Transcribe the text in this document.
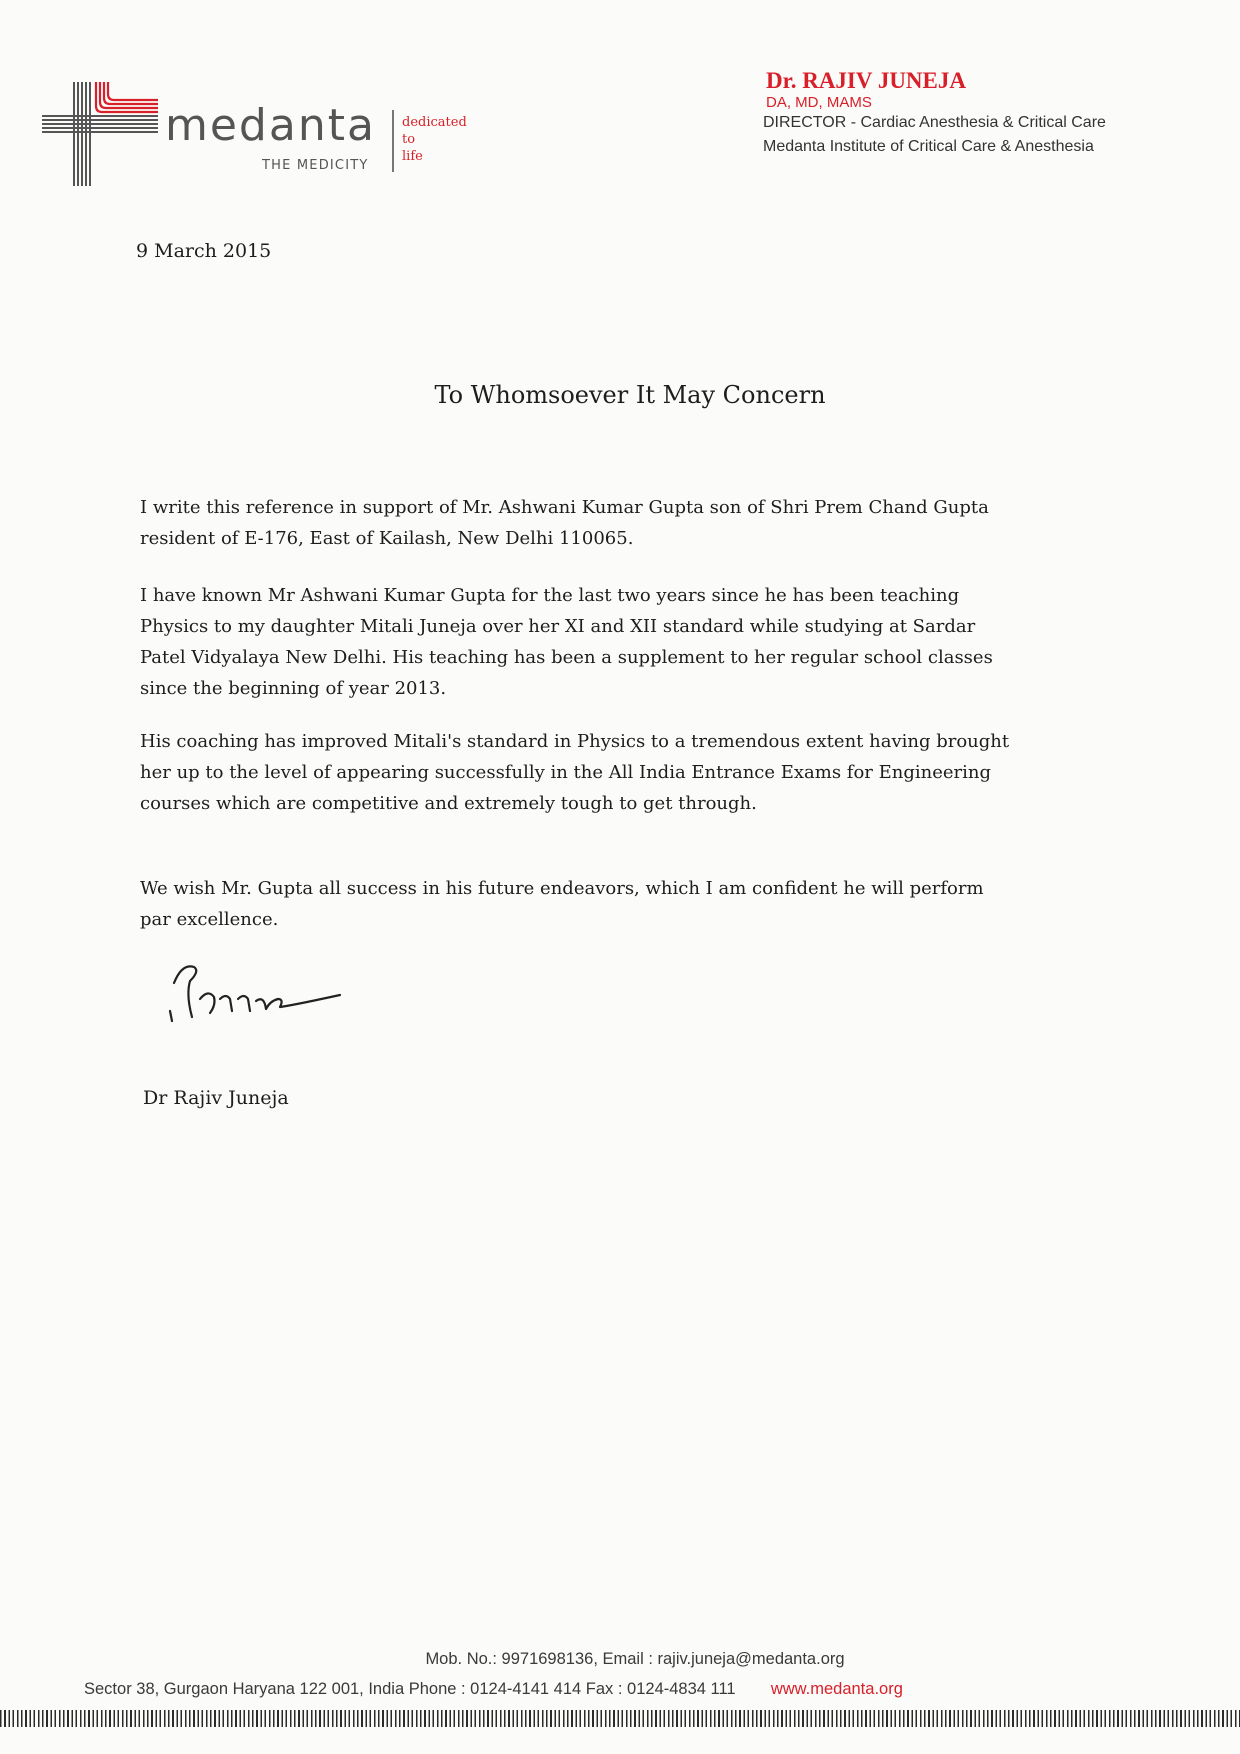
medanta
THE MEDICITY
dedicated
to
life

Dr. RAJIV JUNEJA

DA, MD, MAMS

DIRECTOR - Cardiac Anesthesia & Critical Care

Medanta Institute of Critical Care & Anesthesia

9 March 2015
To Whomsoever It May Concern

I write this reference in support of Mr. Ashwani Kumar Gupta son of Shri Prem Chand Gupta resident of E-176, East of Kailash, New Delhi 110065.

I have known Mr Ashwani Kumar Gupta for the last two years since he has been teaching Physics to my daughter Mitali Juneja over her XI and XII standard while studying at Sardar Patel Vidyalaya New Delhi. His teaching has been a supplement to her regular school classes since the beginning of year 2013.

His coaching has improved Mitali's standard in Physics to a tremendous extent having brought her up to the level of appearing successfully in the All India Entrance Exams for Engineering courses which are competitive and extremely tough to get through.

We wish Mr. Gupta all success in his future endeavors, which I am confident he will perform par excellence.

Dr Rajiv Juneja
Mob. No.: 9971698136, Email : rajiv.juneja@medanta.org
Sector 38, Gurgaon Haryana 122 001, India Phone : 0124-4141 414 Fax : 0124-4834 111 www.medanta.org
